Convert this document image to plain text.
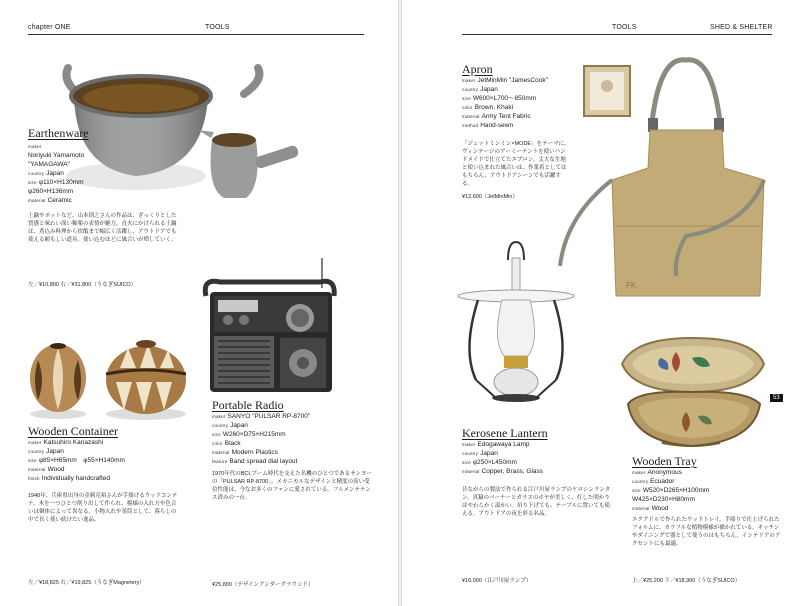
chapter ONE	TOOLS	TOOLS	SHED & SHELTER
Earthenware
maker
Noriyuki Yamamoto
"YAMAGAWA"
country Japan
size φ110×H130mm
φ260×H136mm
material Ceramic
土鍋やポットなど、山本則之さんの作品は、ざっくりとした質感と味わい深い釉薬の表情が魅力。直火にかけられる土鍋は、煮込み料理から炊飯まで幅広く活躍し、アウトドアでも使える頼もしい道具。使い込むほどに風合いが増していく。
左／¥10,800 右／¥31,800（うなぎSUICO）
Portable Radio
maker SANYO "PULSAR RP-8700"
country Japan
size W260×D75×H215mm
color Black
material Modern Plastics
feature Band spread dial layout
1970年代のBCLブーム時代を支えた名機のひとつであるサンヨーの「PULSAR RP-8700」。メカニカルなデザインと精度の高い受信性能は、今なお多くのファンに愛されている。フルメンテナンス済みの一台。
¥25,800（デザインアンダーグラウンド）
Wooden Container
maker Katsuhiro Kanazashi
country Japan
size φ85×H65mm　φ55×H140mm
material Wood
finish Individually handcrafted
1940年、兵庫県出身の金刺克裕さんが手掛けるウッドコンテナ。木を一つひとつ削り出して作られ、模様の入れ方や色合いは個体によって異なる。小物入れや茶筒として、暮らしの中で長く使い続けたい逸品。
左／¥18,825 右／¥19,825（うなぎMagnetery）
FK
Apron
maker JetMinMin "JamesCook"
country Japan
size W600×L700〜850mm
color Brown, Khaki
material Army Tent Fabric
method Hand-sewn
「ジェットミンミン×MODE」をテーマに、ヴィンテージのアーミーテントを使いハンドメイドで仕立てたエプロン。丈夫な生地と使い込まれた風合いは、作業着としてはもちろん、アウトドアシーンでも活躍する。
¥12,600（JetMinMin）
Kerosene Lantern
maker Edogawaya Lamp
country Japan
size φ250×L450mm
material Copper, Brass, Glass
昔ながらの製法で作られる江戸川屋ランプのケロシンランタン。真鍮のバーナーとガラスのホヤが美しく、灯した明かりはやわらかく温かい。吊り下げても、テーブルに置いても使える、アウトドアの夜を彩る名品。
¥16,000（江戸川屋ランプ）
Wooden Tray
maker Anonymous
country Ecuador
size W520×D265×H100mm
W425×D230×H80mm
material Wood
エクアドルで作られたウッドトレイ。手彫りで仕上げられたフォルムに、カラフルな植物模様が描かれている。キッチンやダイニングで器として使うのはもちろん、インテリアのアクセントにも最適。
上／¥25,200 下／¥18,900（うなぎSUICO）
53
